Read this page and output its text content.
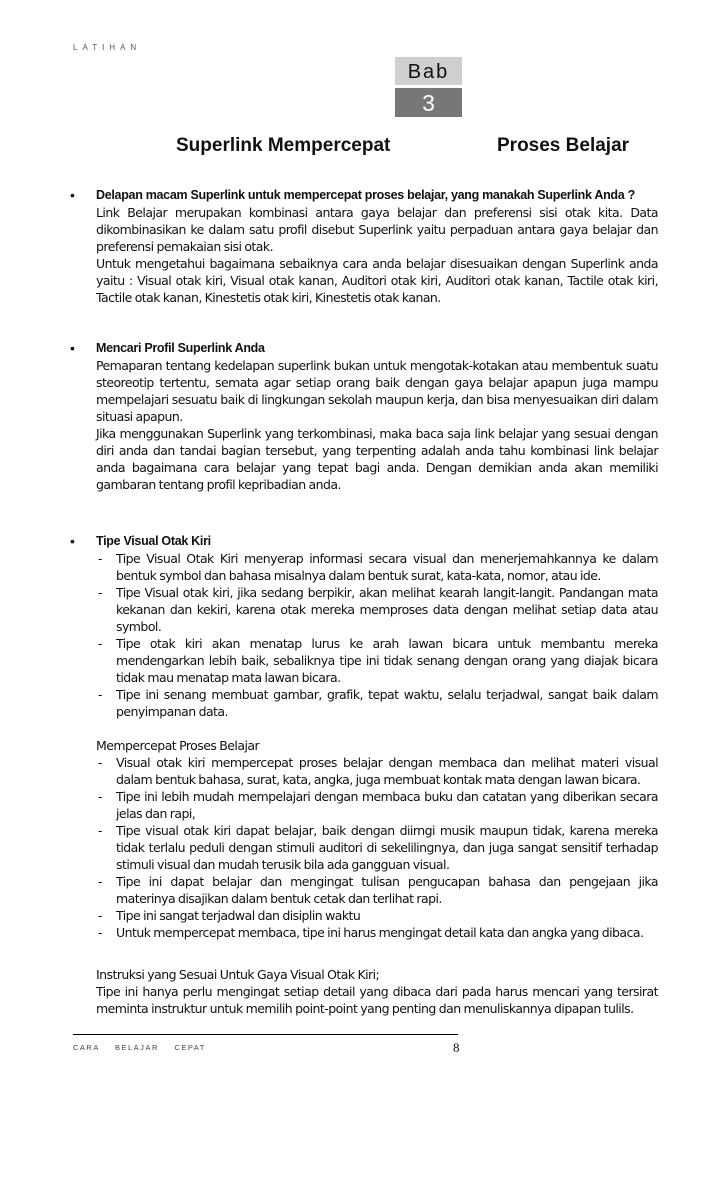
LATIHAN
Bab
3
Superlink Mempercepat	Proses Belajar
• Delapan macam Superlink untuk mempercepat proses belajar, yang manakah Superlink Anda ?
Link Belajar merupakan kombinasi antara gaya belajar dan preferensi sisi otak kita. Data dikombinasikan ke dalam satu profil disebut Superlink yaitu perpaduan antara gaya belajar dan preferensi pemakaian sisi otak.
Untuk mengetahui bagaimana sebaiknya cara anda belajar disesuaikan dengan Superlink anda yaitu : Visual otak kiri, Visual otak kanan, Auditori otak kiri, Auditori otak kanan, Tactile otak kiri, Tactile otak kanan, Kinestetis otak kiri, Kinestetis otak kanan.
• Mencari Profil Superlink Anda
Pemaparan tentang kedelapan superlink bukan untuk mengotak-kotakan atau membentuk suatu steoreotip tertentu, semata agar setiap orang baik dengan gaya belajar apapun juga mampu mempelajari sesuatu baik di lingkungan sekolah maupun kerja, dan bisa menyesuaikan diri dalam situasi apapun.
Jika menggunakan Superlink yang terkombinasi, maka baca saja link belajar yang sesuai dengan diri anda dan tandai bagian tersebut, yang terpenting adalah anda tahu kombinasi link belajar anda bagaimana cara belajar yang tepat bagi anda. Dengan demikian anda akan memiliki gambaran tentang profil kepribadian anda.
• Tipe Visual Otak Kiri
- Tipe Visual Otak Kiri menyerap informasi secara visual dan menerjemahkannya ke dalam bentuk symbol dan bahasa misalnya dalam bentuk surat, kata-kata, nomor, atau ide.
- Tipe Visual otak kiri, jika sedang berpikir, akan melihat kearah langit-langit. Pandangan mata kekanan dan kekiri, karena otak mereka memproses data dengan melihat setiap data atau symbol.
- Tipe otak kiri akan menatap lurus ke arah lawan bicara untuk membantu mereka mendengarkan lebih baik, sebaliknya tipe ini tidak senang dengan orang yang diajak bicara tidak mau menatap mata lawan bicara.
- Tipe ini senang membuat gambar, grafik, tepat waktu, selalu terjadwal, sangat baik dalam penyimpanan data.
Mempercepat Proses Belajar
- Visual otak kiri mempercepat proses belajar dengan membaca dan melihat materi visual dalam bentuk bahasa, surat, kata, angka, juga membuat kontak mata dengan lawan bicara.
- Tipe ini lebih mudah mempelajari dengan membaca buku dan catatan yang diberikan secara jelas dan rapi,
- Tipe visual otak kiri dapat belajar, baik dengan diirngi musik maupun tidak, karena mereka tidak terlalu peduli dengan stimuli auditori di sekelilingnya, dan juga sangat sensitif terhadap stimuli visual dan mudah terusik bila ada gangguan visual.
- Tipe ini dapat belajar dan mengingat tulisan pengucapan bahasa dan pengejaan jika materinya disajikan dalam bentuk cetak dan terlihat rapi.
- Tipe ini sangat terjadwal dan disiplin waktu
- Untuk mempercepat membaca, tipe ini harus mengingat detail kata dan angka yang dibaca.
Instruksi yang Sesuai Untuk Gaya Visual Otak Kiri;
Tipe ini hanya perlu mengingat setiap detail yang dibaca dari pada harus mencari yang tersirat meminta instruktur untuk memilih point-point yang penting dan menuliskannya dipapan tulils.
CARA BELAJAR CEPAT	8
